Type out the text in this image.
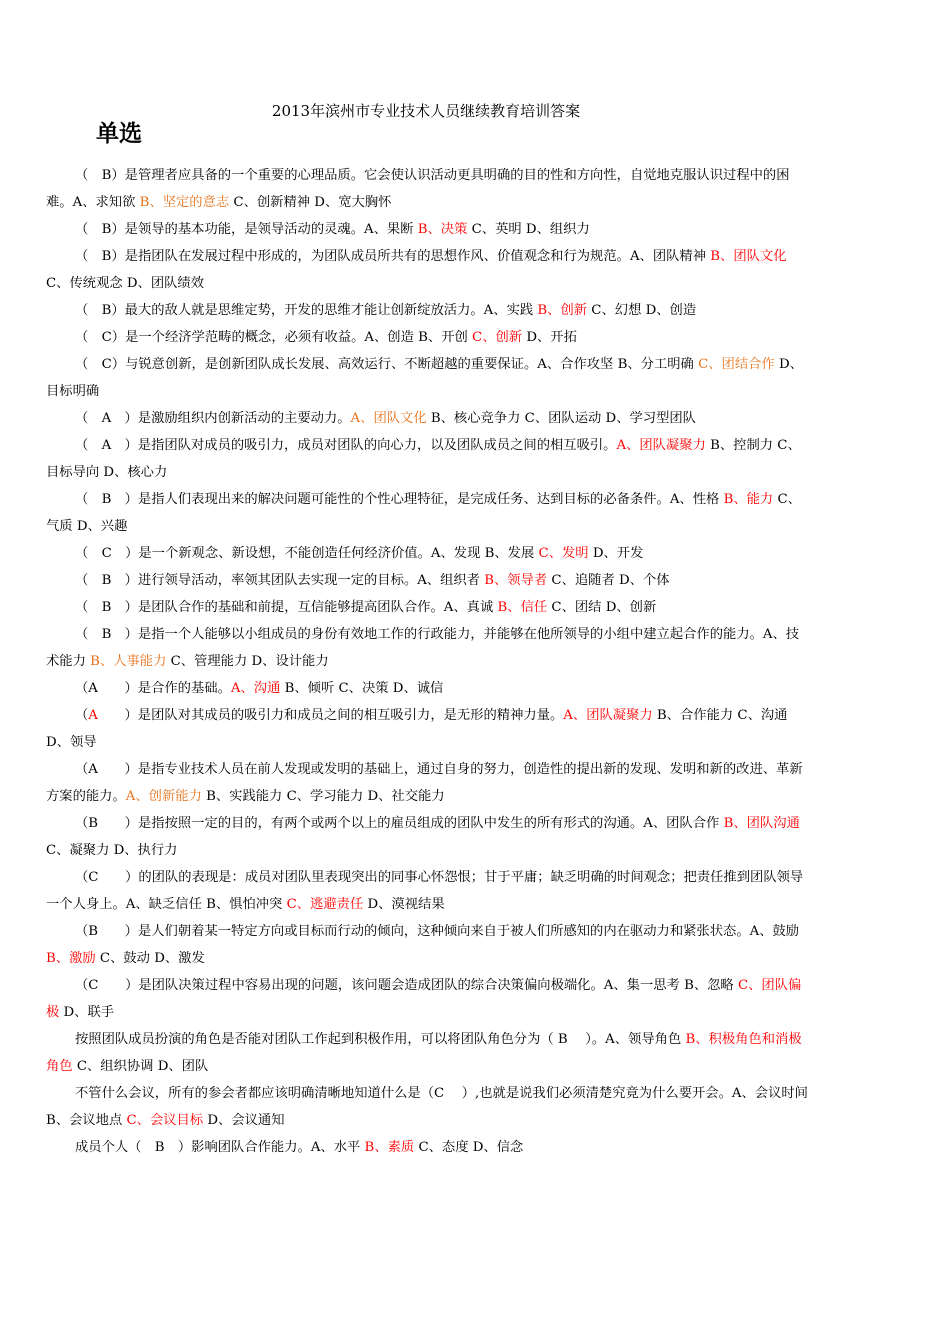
2013年滨州市专业技术人员继续教育培训答案
单选

（　B）是管理者应具备的一个重要的心理品质。它会使认识活动更具明确的目的性和方向性，自觉地克服认识过程中的困难。A、求知欲 B、坚定的意志 C、创新精神 D、宽大胸怀

（　B）是领导的基本功能，是领导活动的灵魂。A、果断 B、决策 C、英明 D、组织力

（　B）是指团队在发展过程中形成的，为团队成员所共有的思想作风、价值观念和行为规范。A、团队精神 B、团队文化 C、传统观念 D、团队绩效

（　B）最大的敌人就是思维定势，开发的思维才能让创新绽放活力。A、实践 B、创新 C、幻想 D、创造

（　C）是一个经济学范畴的概念，必须有收益。A、创造 B、开创 C、创新 D、开拓

（　C）与锐意创新，是创新团队成长发展、高效运行、不断超越的重要保证。A、合作攻坚 B、分工明确 C、团结合作 D、目标明确

（　A　）是激励组织内创新活动的主要动力。A、团队文化 B、核心竞争力 C、团队运动 D、学习型团队

（　A　）是指团队对成员的吸引力，成员对团队的向心力，以及团队成员之间的相互吸引。A、团队凝聚力 B、控制力 C、目标导向 D、核心力

（　B　）是指人们表现出来的解决问题可能性的个性心理特征，是完成任务、达到目标的必备条件。A、性格 B、能力 C、气质 D、兴趣

（　C　）是一个新观念、新设想，不能创造任何经济价值。A、发现 B、发展 C、发明 D、开发

（　B　）进行领导活动，率领其团队去实现一定的目标。A、组织者 B、领导者 C、追随者 D、个体

（　B　）是团队合作的基础和前提，互信能够提高团队合作。A、真诚 B、信任 C、团结 D、创新

（　B　）是指一个人能够以小组成员的身份有效地工作的行政能力，并能够在他所领导的小组中建立起合作的能力。A、技术能力 B、人事能力 C、管理能力 D、设计能力

（A　　）是合作的基础。A、沟通 B、倾听 C、决策 D、诚信

（A　　）是团队对其成员的吸引力和成员之间的相互吸引力，是无形的精神力量。A、团队凝聚力 B、合作能力 C、沟通 D、领导

（A　　）是指专业技术人员在前人发现或发明的基础上，通过自身的努力，创造性的提出新的发现、发明和新的改进、革新方案的能力。A、创新能力 B、实践能力 C、学习能力 D、社交能力

（B　　）是指按照一定的目的，有两个或两个以上的雇员组成的团队中发生的所有形式的沟通。A、团队合作 B、团队沟通 C、凝聚力 D、执行力

（C　　）的团队的表现是：成员对团队里表现突出的同事心怀怨恨；甘于平庸；缺乏明确的时间观念；把责任推到团队领导一个人身上。A、缺乏信任 B、惧怕冲突 C、逃避责任 D、漠视结果

（B　　）是人们朝着某一特定方向或目标而行动的倾向，这种倾向来自于被人们所感知的内在驱动力和紧张状态。A、鼓励 B、激励 C、鼓动 D、激发

（C　　）是团队决策过程中容易出现的问题，该问题会造成团队的综合决策偏向极端化。A、集一思考 B、忽略 C、团队偏极 D、联手

按照团队成员扮演的角色是否能对团队工作起到积极作用，可以将团队角色分为（ B　 ）。A、领导角色 B、积极角色和消极角色 C、组织协调 D、团队

不管什么会议，所有的参会者都应该明确清晰地知道什么是（C　 ）,也就是说我们必须清楚究竟为什么要开会。A、会议时间 B、会议地点 C、会议目标 D、会议通知

成员个人（　B　）影响团队合作能力。A、水平 B、素质 C、态度 D、信念
